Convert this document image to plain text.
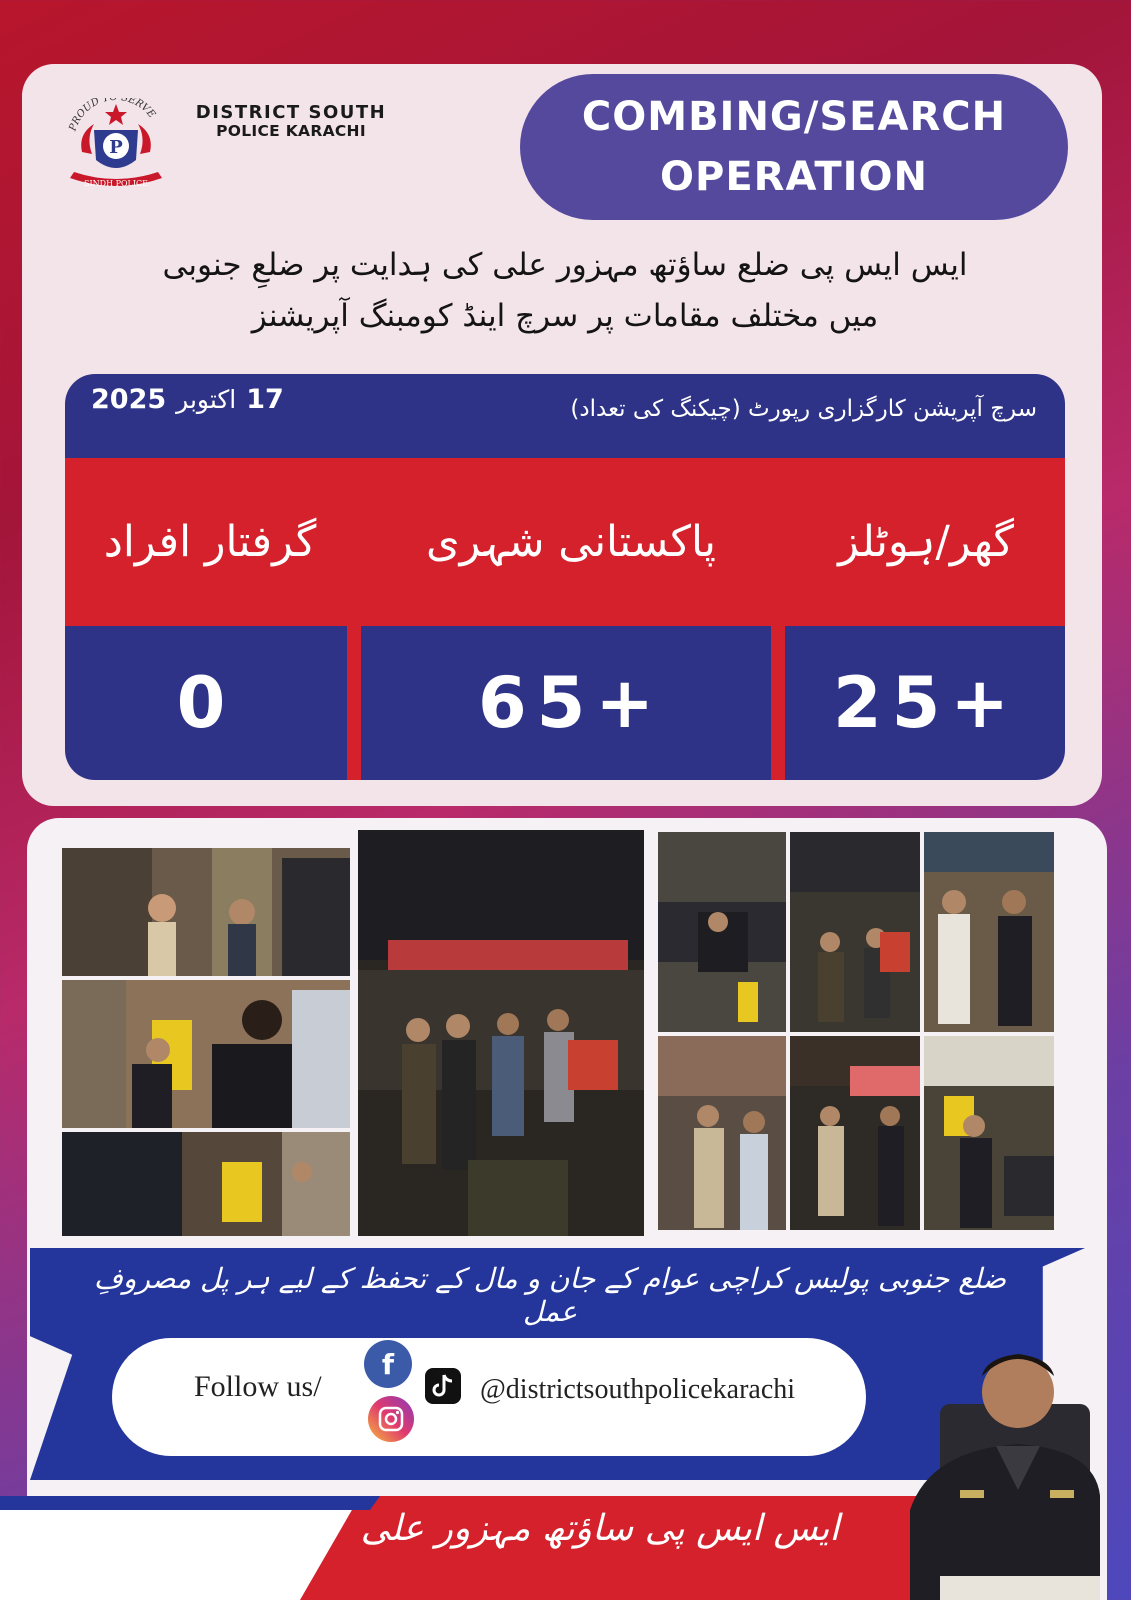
PROUD T SERVE
P
SINDH POLICE
DISTRICT SOUTH
POLICE KARACHI	COMBING/SEARCH
OPERATION
ایس ایس پی ضلع ساؤتھ مہزور علی کی ہدایت پر ضلعِ جنوبی
میں مختلف مقامات پر سرچ اینڈ کومبنگ آپریشنز
2025 اکتوبر 17	سرچ آپریشن کارگزاری رپورٹ (چیکنگ کی تعداد)
گھر/ہوٹلز
پاکستانی شہری
گرفتار افراد
25+
65+
0
ضلع جنوبی پولیس کراچی عوام کے جان و مال کے تحفظ کے لیے ہر پل مصروفِ عمل
Follow us/
f
@districtsouthpolicekarachi
ایس ایس پی ساؤتھ مہزور علی
